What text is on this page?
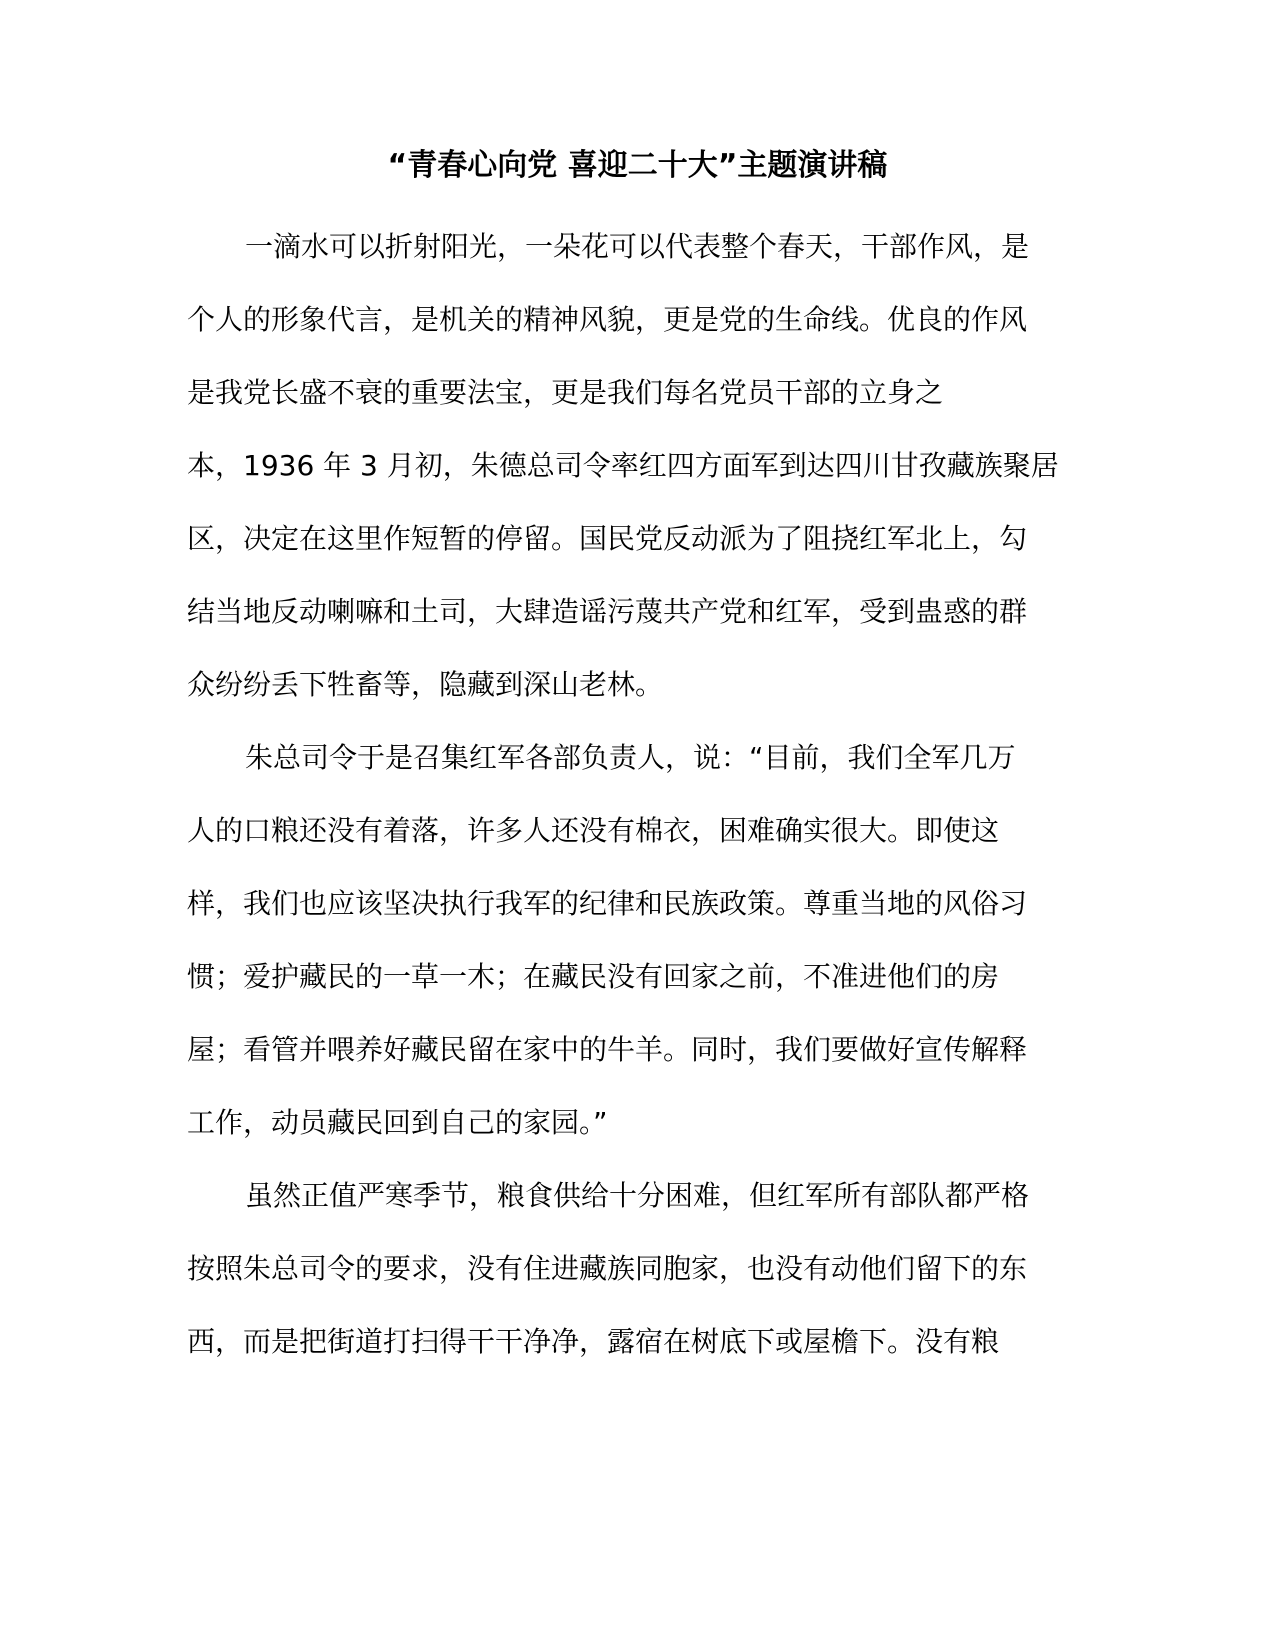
“青春心向党 喜迎二十大”主题演讲稿
一滴水可以折射阳光，一朵花可以代表整个春天，干部作风，是
个人的形象代言，是机关的精神风貌，更是党的生命线。优良的作风
是我党长盛不衰的重要法宝，更是我们每名党员干部的立身之
本，1936 年 3 月初，朱德总司令率红四方面军到达四川甘孜藏族聚居
区，决定在这里作短暂的停留。国民党反动派为了阻挠红军北上，勾
结当地反动喇嘛和土司，大肆造谣污蔑共产党和红军，受到蛊惑的群
众纷纷丢下牲畜等，隐藏到深山老林。
朱总司令于是召集红军各部负责人，说：“目前，我们全军几万
人的口粮还没有着落，许多人还没有棉衣，困难确实很大。即使这
样，我们也应该坚决执行我军的纪律和民族政策。尊重当地的风俗习
惯；爱护藏民的一草一木；在藏民没有回家之前，不准进他们的房
屋；看管并喂养好藏民留在家中的牛羊。同时，我们要做好宣传解释
工作，动员藏民回到自己的家园。”
虽然正值严寒季节，粮食供给十分困难，但红军所有部队都严格
按照朱总司令的要求，没有住进藏族同胞家，也没有动他们留下的东
西，而是把街道打扫得干干净净，露宿在树底下或屋檐下。没有粮
